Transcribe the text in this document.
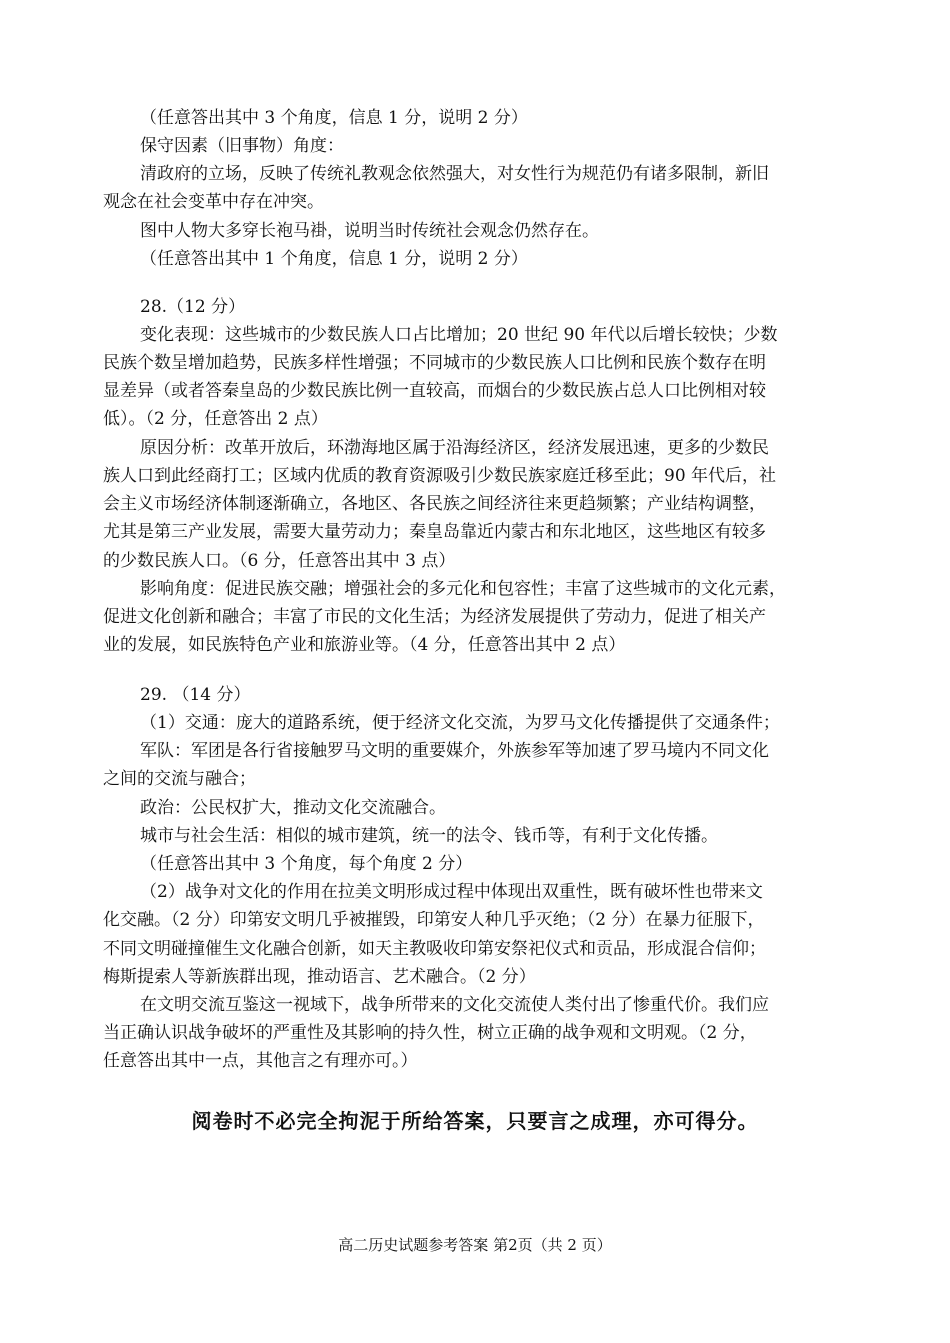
（任意答出其中 3 个角度，信息 1 分，说明 2 分）
保守因素（旧事物）角度：
清政府的立场，反映了传统礼教观念依然强大，对女性行为规范仍有诸多限制，新旧
观念在社会变革中存在冲突。
图中人物大多穿长袍马褂，说明当时传统社会观念仍然存在。
（任意答出其中 1 个角度，信息 1 分，说明 2 分）
28.（12 分）
变化表现：这些城市的少数民族人口占比增加；20 世纪 90 年代以后增长较快；少数
民族个数呈增加趋势，民族多样性增强；不同城市的少数民族人口比例和民族个数存在明
显差异（或者答秦皇岛的少数民族比例一直较高，而烟台的少数民族占总人口比例相对较
低）。（2 分，任意答出 2 点）
原因分析：改革开放后，环渤海地区属于沿海经济区，经济发展迅速，更多的少数民
族人口到此经商打工；区域内优质的教育资源吸引少数民族家庭迁移至此；90 年代后，社
会主义市场经济体制逐渐确立，各地区、各民族之间经济往来更趋频繁；产业结构调整，
尤其是第三产业发展，需要大量劳动力；秦皇岛靠近内蒙古和东北地区，这些地区有较多
的少数民族人口。（6 分，任意答出其中 3 点）
影响角度：促进民族交融；增强社会的多元化和包容性；丰富了这些城市的文化元素，
促进文化创新和融合；丰富了市民的文化生活；为经济发展提供了劳动力，促进了相关产
业的发展，如民族特色产业和旅游业等。（4 分，任意答出其中 2 点）
29. （14 分）
（1）交通：庞大的道路系统，便于经济文化交流，为罗马文化传播提供了交通条件；
军队：军团是各行省接触罗马文明的重要媒介，外族参军等加速了罗马境内不同文化
之间的交流与融合；
政治：公民权扩大，推动文化交流融合。
城市与社会生活：相似的城市建筑，统一的法令、钱币等，有利于文化传播。
（任意答出其中 3 个角度，每个角度 2 分）
（2）战争对文化的作用在拉美文明形成过程中体现出双重性，既有破坏性也带来文
化交融。（2 分）印第安文明几乎被摧毁，印第安人种几乎灭绝；（2 分）在暴力征服下，
不同文明碰撞催生文化融合创新，如天主教吸收印第安祭祀仪式和贡品，形成混合信仰；
梅斯提索人等新族群出现，推动语言、艺术融合。（2 分）
在文明交流互鉴这一视域下，战争所带来的文化交流使人类付出了惨重代价。我们应
当正确认识战争破坏的严重性及其影响的持久性，树立正确的战争观和文明观。（2 分，
任意答出其中一点，其他言之有理亦可。）
阅卷时不必完全拘泥于所给答案，只要言之成理，亦可得分。
高二历史试题参考答案 第2页（共 2 页）
